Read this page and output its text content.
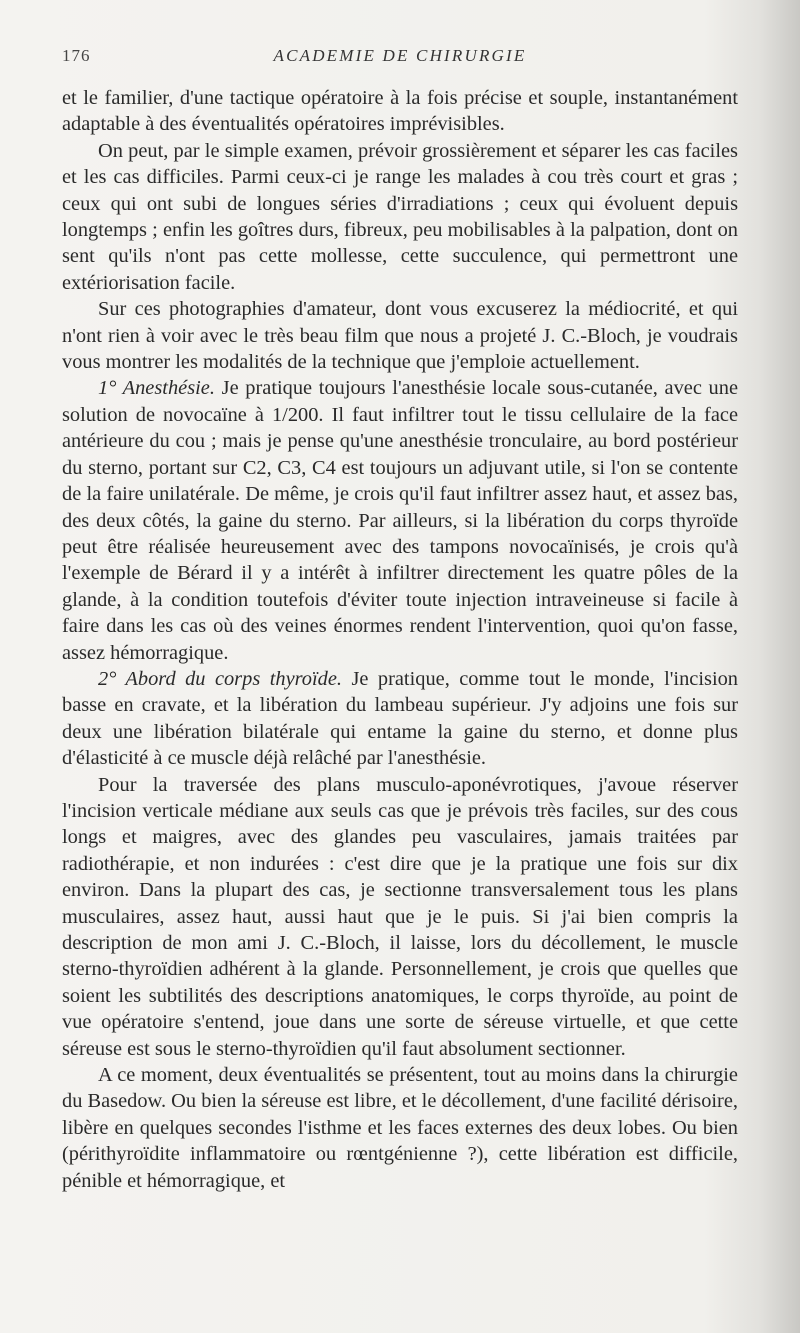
176	ACADEMIE DE CHIRURGIE

et le familier, d'une tactique opératoire à la fois précise et souple, instantanément adaptable à des éventualités opératoires imprévisibles.

On peut, par le simple examen, prévoir grossièrement et séparer les cas faciles et les cas difficiles. Parmi ceux-ci je range les malades à cou très court et gras ; ceux qui ont subi de longues séries d'irradiations ; ceux qui évoluent depuis longtemps ; enfin les goîtres durs, fibreux, peu mobilisables à la palpation, dont on sent qu'ils n'ont pas cette mollesse, cette succulence, qui permettront une extériorisation facile.

Sur ces photographies d'amateur, dont vous excuserez la médiocrité, et qui n'ont rien à voir avec le très beau film que nous a projeté J. C.-Bloch, je voudrais vous montrer les modalités de la technique que j'emploie actuellement.

1° Anesthésie. Je pratique toujours l'anesthésie locale sous-cutanée, avec une solution de novocaïne à 1/200. Il faut infiltrer tout le tissu cellulaire de la face antérieure du cou ; mais je pense qu'une anesthésie tronculaire, au bord postérieur du sterno, portant sur C2, C3, C4 est toujours un adjuvant utile, si l'on se contente de la faire unilatérale. De même, je crois qu'il faut infiltrer assez haut, et assez bas, des deux côtés, la gaine du sterno. Par ailleurs, si la libération du corps thyroïde peut être réalisée heureusement avec des tampons novocaïnisés, je crois qu'à l'exemple de Bérard il y a intérêt à infiltrer directement les quatre pôles de la glande, à la condition toutefois d'éviter toute injection intraveineuse si facile à faire dans les cas où des veines énormes rendent l'intervention, quoi qu'on fasse, assez hémorragique.

2° Abord du corps thyroïde. Je pratique, comme tout le monde, l'incision basse en cravate, et la libération du lambeau supérieur. J'y adjoins une fois sur deux une libération bilatérale qui entame la gaine du sterno, et donne plus d'élasticité à ce muscle déjà relâché par l'anesthésie.

Pour la traversée des plans musculo-aponévrotiques, j'avoue réserver l'incision verticale médiane aux seuls cas que je prévois très faciles, sur des cous longs et maigres, avec des glandes peu vasculaires, jamais traitées par radiothérapie, et non indurées : c'est dire que je la pratique une fois sur dix environ. Dans la plupart des cas, je sectionne transversalement tous les plans musculaires, assez haut, aussi haut que je le puis. Si j'ai bien compris la description de mon ami J. C.-Bloch, il laisse, lors du décollement, le muscle sterno-thyroïdien adhérent à la glande. Personnellement, je crois que quelles que soient les subtilités des descriptions anatomiques, le corps thyroïde, au point de vue opératoire s'entend, joue dans une sorte de séreuse virtuelle, et que cette séreuse est sous le sterno-thyroïdien qu'il faut absolument sectionner.

A ce moment, deux éventualités se présentent, tout au moins dans la chirurgie du Basedow. Ou bien la séreuse est libre, et le décollement, d'une facilité dérisoire, libère en quelques secondes l'isthme et les faces externes des deux lobes. Ou bien (périthyroïdite inflammatoire ou rœntgénienne ?), cette libération est difficile, pénible et hémorragique, et
